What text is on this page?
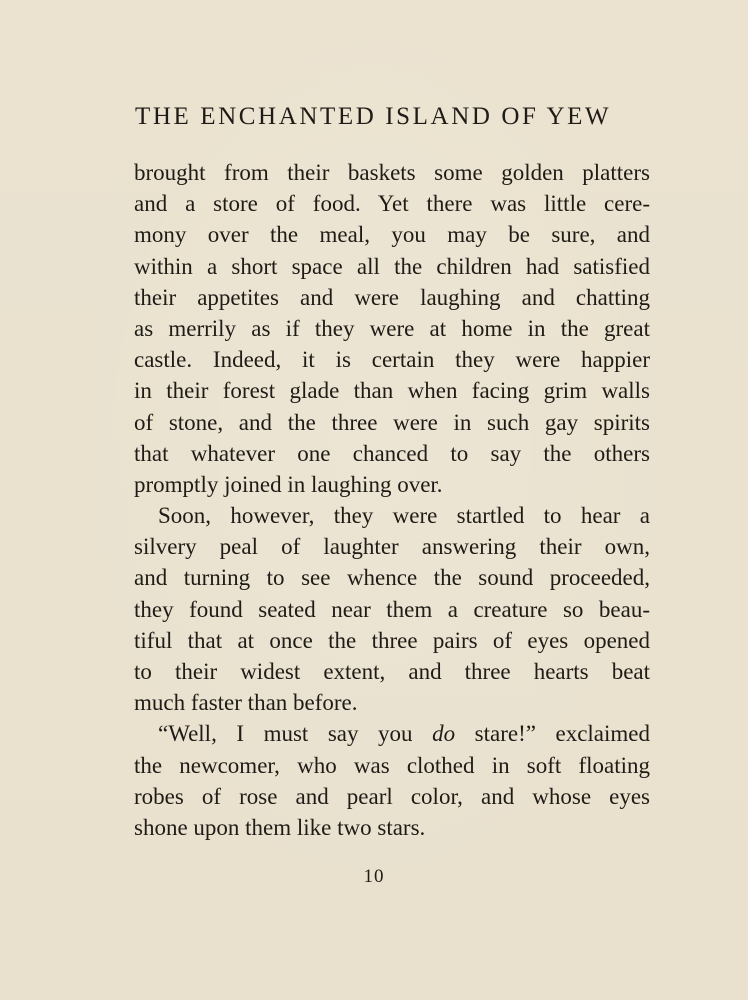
THE ENCHANTED ISLAND OF YEW
brought from their baskets some golden platters
and a store of food. Yet there was little cere-
mony over the meal, you may be sure, and
within a short space all the children had satisfied
their appetites and were laughing and chatting
as merrily as if they were at home in the great
castle. Indeed, it is certain they were happier
in their forest glade than when facing grim walls
of stone, and the three were in such gay spirits
that whatever one chanced to say the others
promptly joined in laughing over.
Soon, however, they were startled to hear a
silvery peal of laughter answering their own,
and turning to see whence the sound proceeded,
they found seated near them a creature so beau-
tiful that at once the three pairs of eyes opened
to their widest extent, and three hearts beat
much faster than before.
“Well, I must say you do stare!” exclaimed
the newcomer, who was clothed in soft floating
robes of rose and pearl color, and whose eyes
shone upon them like two stars.
10
